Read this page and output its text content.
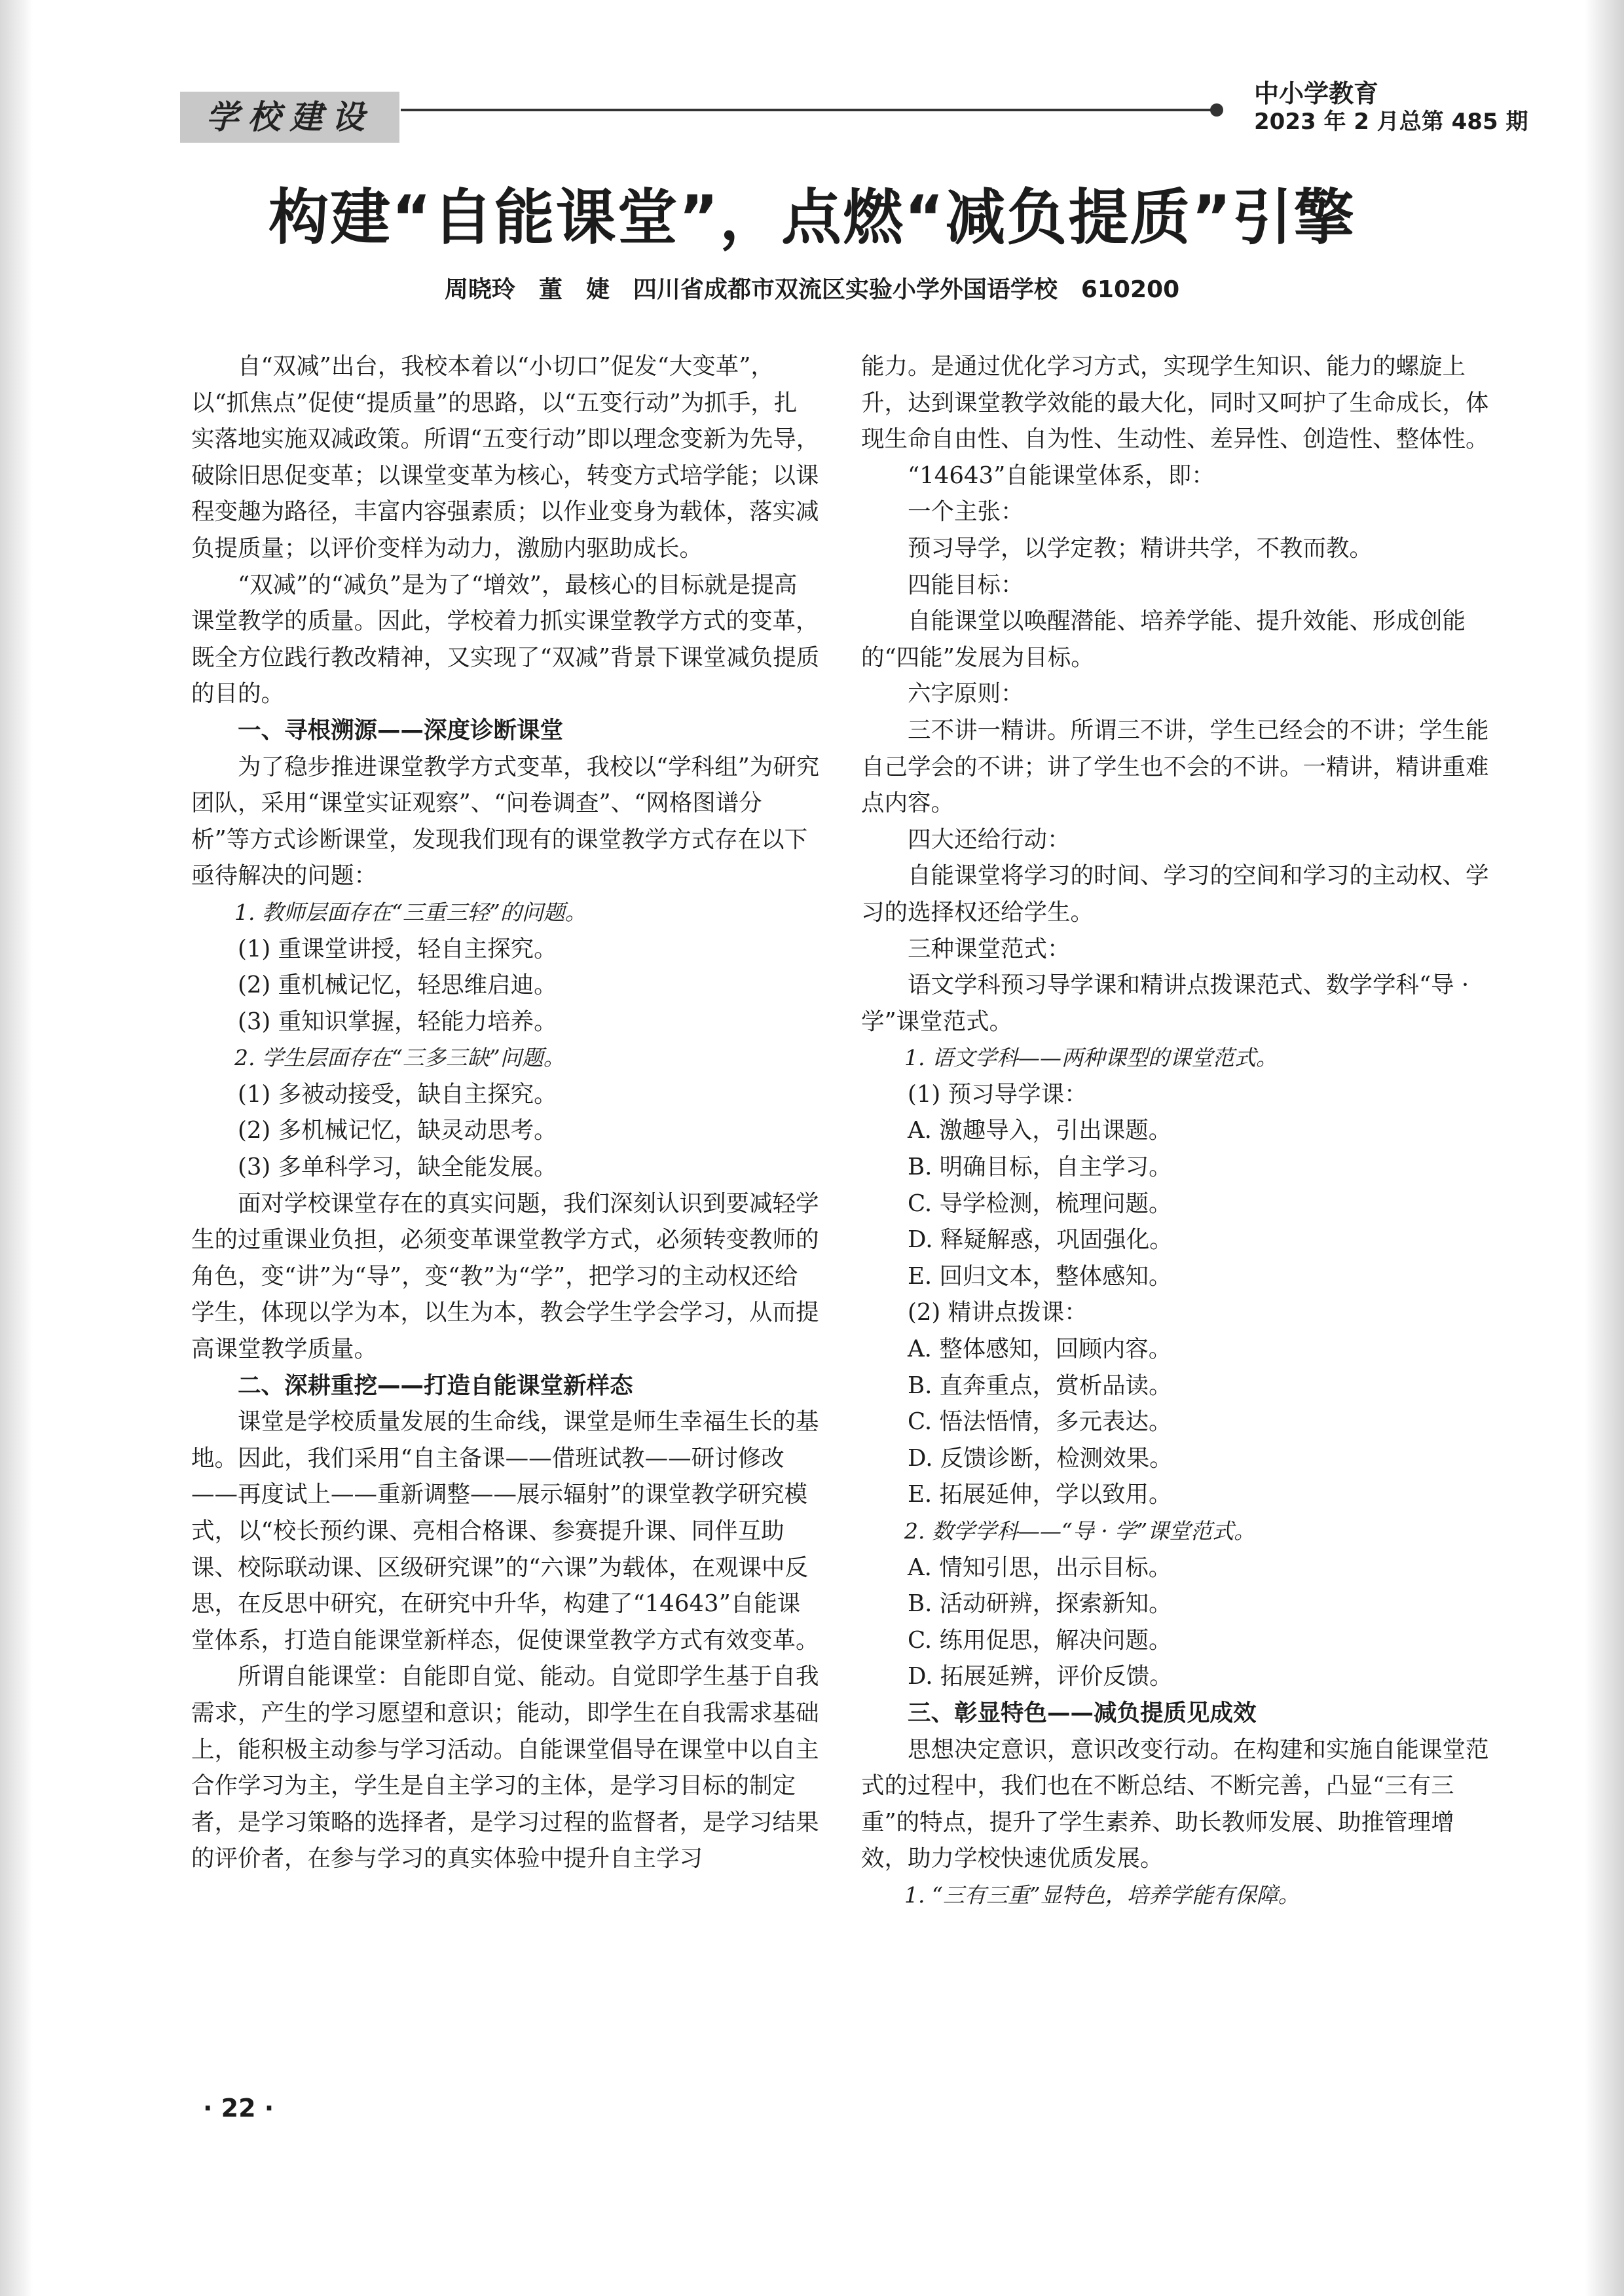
学校建设
中小学教育
2023 年 2 月总第 485 期
构建“自能课堂”，点燃“减负提质”引擎
周晓玲　董　婕　四川省成都市双流区实验小学外国语学校　610200

自“双减”出台，我校本着以“小切口”促发“大变革”，以“抓焦点”促使“提质量”的思路，以“五变行动”为抓手，扎实落地实施双减政策。所谓“五变行动”即以理念变新为先导，破除旧思促变革；以课堂变革为核心，转变方式培学能；以课程变趣为路径，丰富内容强素质；以作业变身为载体，落实减负提质量；以评价变样为动力，激励内驱助成长。

“双减”的“减负”是为了“增效”，最核心的目标就是提高课堂教学的质量。因此，学校着力抓实课堂教学方式的变革，既全方位践行教改精神，又实现了“双减”背景下课堂减负提质的目的。

一、寻根溯源——深度诊断课堂

为了稳步推进课堂教学方式变革，我校以“学科组”为研究团队，采用“课堂实证观察”、“问卷调查”、“网格图谱分析”等方式诊断课堂，发现我们现有的课堂教学方式存在以下亟待解决的问题：

1. 教师层面存在“三重三轻”的问题。

(1) 重课堂讲授，轻自主探究。

(2) 重机械记忆，轻思维启迪。

(3) 重知识掌握，轻能力培养。

2. 学生层面存在“三多三缺”问题。

(1) 多被动接受，缺自主探究。

(2) 多机械记忆，缺灵动思考。

(3) 多单科学习，缺全能发展。

面对学校课堂存在的真实问题，我们深刻认识到要减轻学生的过重课业负担，必须变革课堂教学方式，必须转变教师的角色，变“讲”为“导”，变“教”为“学”，把学习的主动权还给学生，体现以学为本，以生为本，教会学生学会学习，从而提高课堂教学质量。

二、深耕重挖——打造自能课堂新样态

课堂是学校质量发展的生命线，课堂是师生幸福生长的基地。因此，我们采用“自主备课——借班试教——研讨修改——再度试上——重新调整——展示辐射”的课堂教学研究模式，以“校长预约课、亮相合格课、参赛提升课、同伴互助课、校际联动课、区级研究课”的“六课”为载体，在观课中反思，在反思中研究，在研究中升华，构建了“14643”自能课堂体系，打造自能课堂新样态，促使课堂教学方式有效变革。

所谓自能课堂：自能即自觉、能动。自觉即学生基于自我需求，产生的学习愿望和意识；能动，即学生在自我需求基础上，能积极主动参与学习活动。自能课堂倡导在课堂中以自主合作学习为主，学生是自主学习的主体，是学习目标的制定者，是学习策略的选择者，是学习过程的监督者，是学习结果的评价者，在参与学习的真实体验中提升自主学习

能力。是通过优化学习方式，实现学生知识、能力的螺旋上升，达到课堂教学效能的最大化，同时又呵护了生命成长，体现生命自由性、自为性、生动性、差异性、创造性、整体性。

“14643”自能课堂体系，即：

一个主张：

预习导学，以学定教；精讲共学，不教而教。

四能目标：

自能课堂以唤醒潜能、培养学能、提升效能、形成创能的“四能”发展为目标。

六字原则：

三不讲一精讲。所谓三不讲，学生已经会的不讲；学生能自己学会的不讲；讲了学生也不会的不讲。一精讲，精讲重难点内容。

四大还给行动：

自能课堂将学习的时间、学习的空间和学习的主动权、学习的选择权还给学生。

三种课堂范式：

语文学科预习导学课和精讲点拨课范式、数学学科“导 · 学”课堂范式。

1. 语文学科——两种课型的课堂范式。

(1) 预习导学课：

A. 激趣导入，引出课题。

B. 明确目标，自主学习。

C. 导学检测，梳理问题。

D. 释疑解惑，巩固强化。

E. 回归文本，整体感知。

(2) 精讲点拨课：

A. 整体感知，回顾内容。

B. 直奔重点，赏析品读。

C. 悟法悟情，多元表达。

D. 反馈诊断，检测效果。

E. 拓展延伸，学以致用。

2. 数学学科——“导 · 学”课堂范式。

A. 情知引思，出示目标。

B. 活动研辨，探索新知。

C. 练用促思，解决问题。

D. 拓展延辨，评价反馈。

三、彰显特色——减负提质见成效

思想决定意识，意识改变行动。在构建和实施自能课堂范式的过程中，我们也在不断总结、不断完善，凸显“三有三重”的特点，提升了学生素养、助长教师发展、助推管理增效，助力学校快速优质发展。

1. “三有三重”显特色，培养学能有保障。

· 22 ·
